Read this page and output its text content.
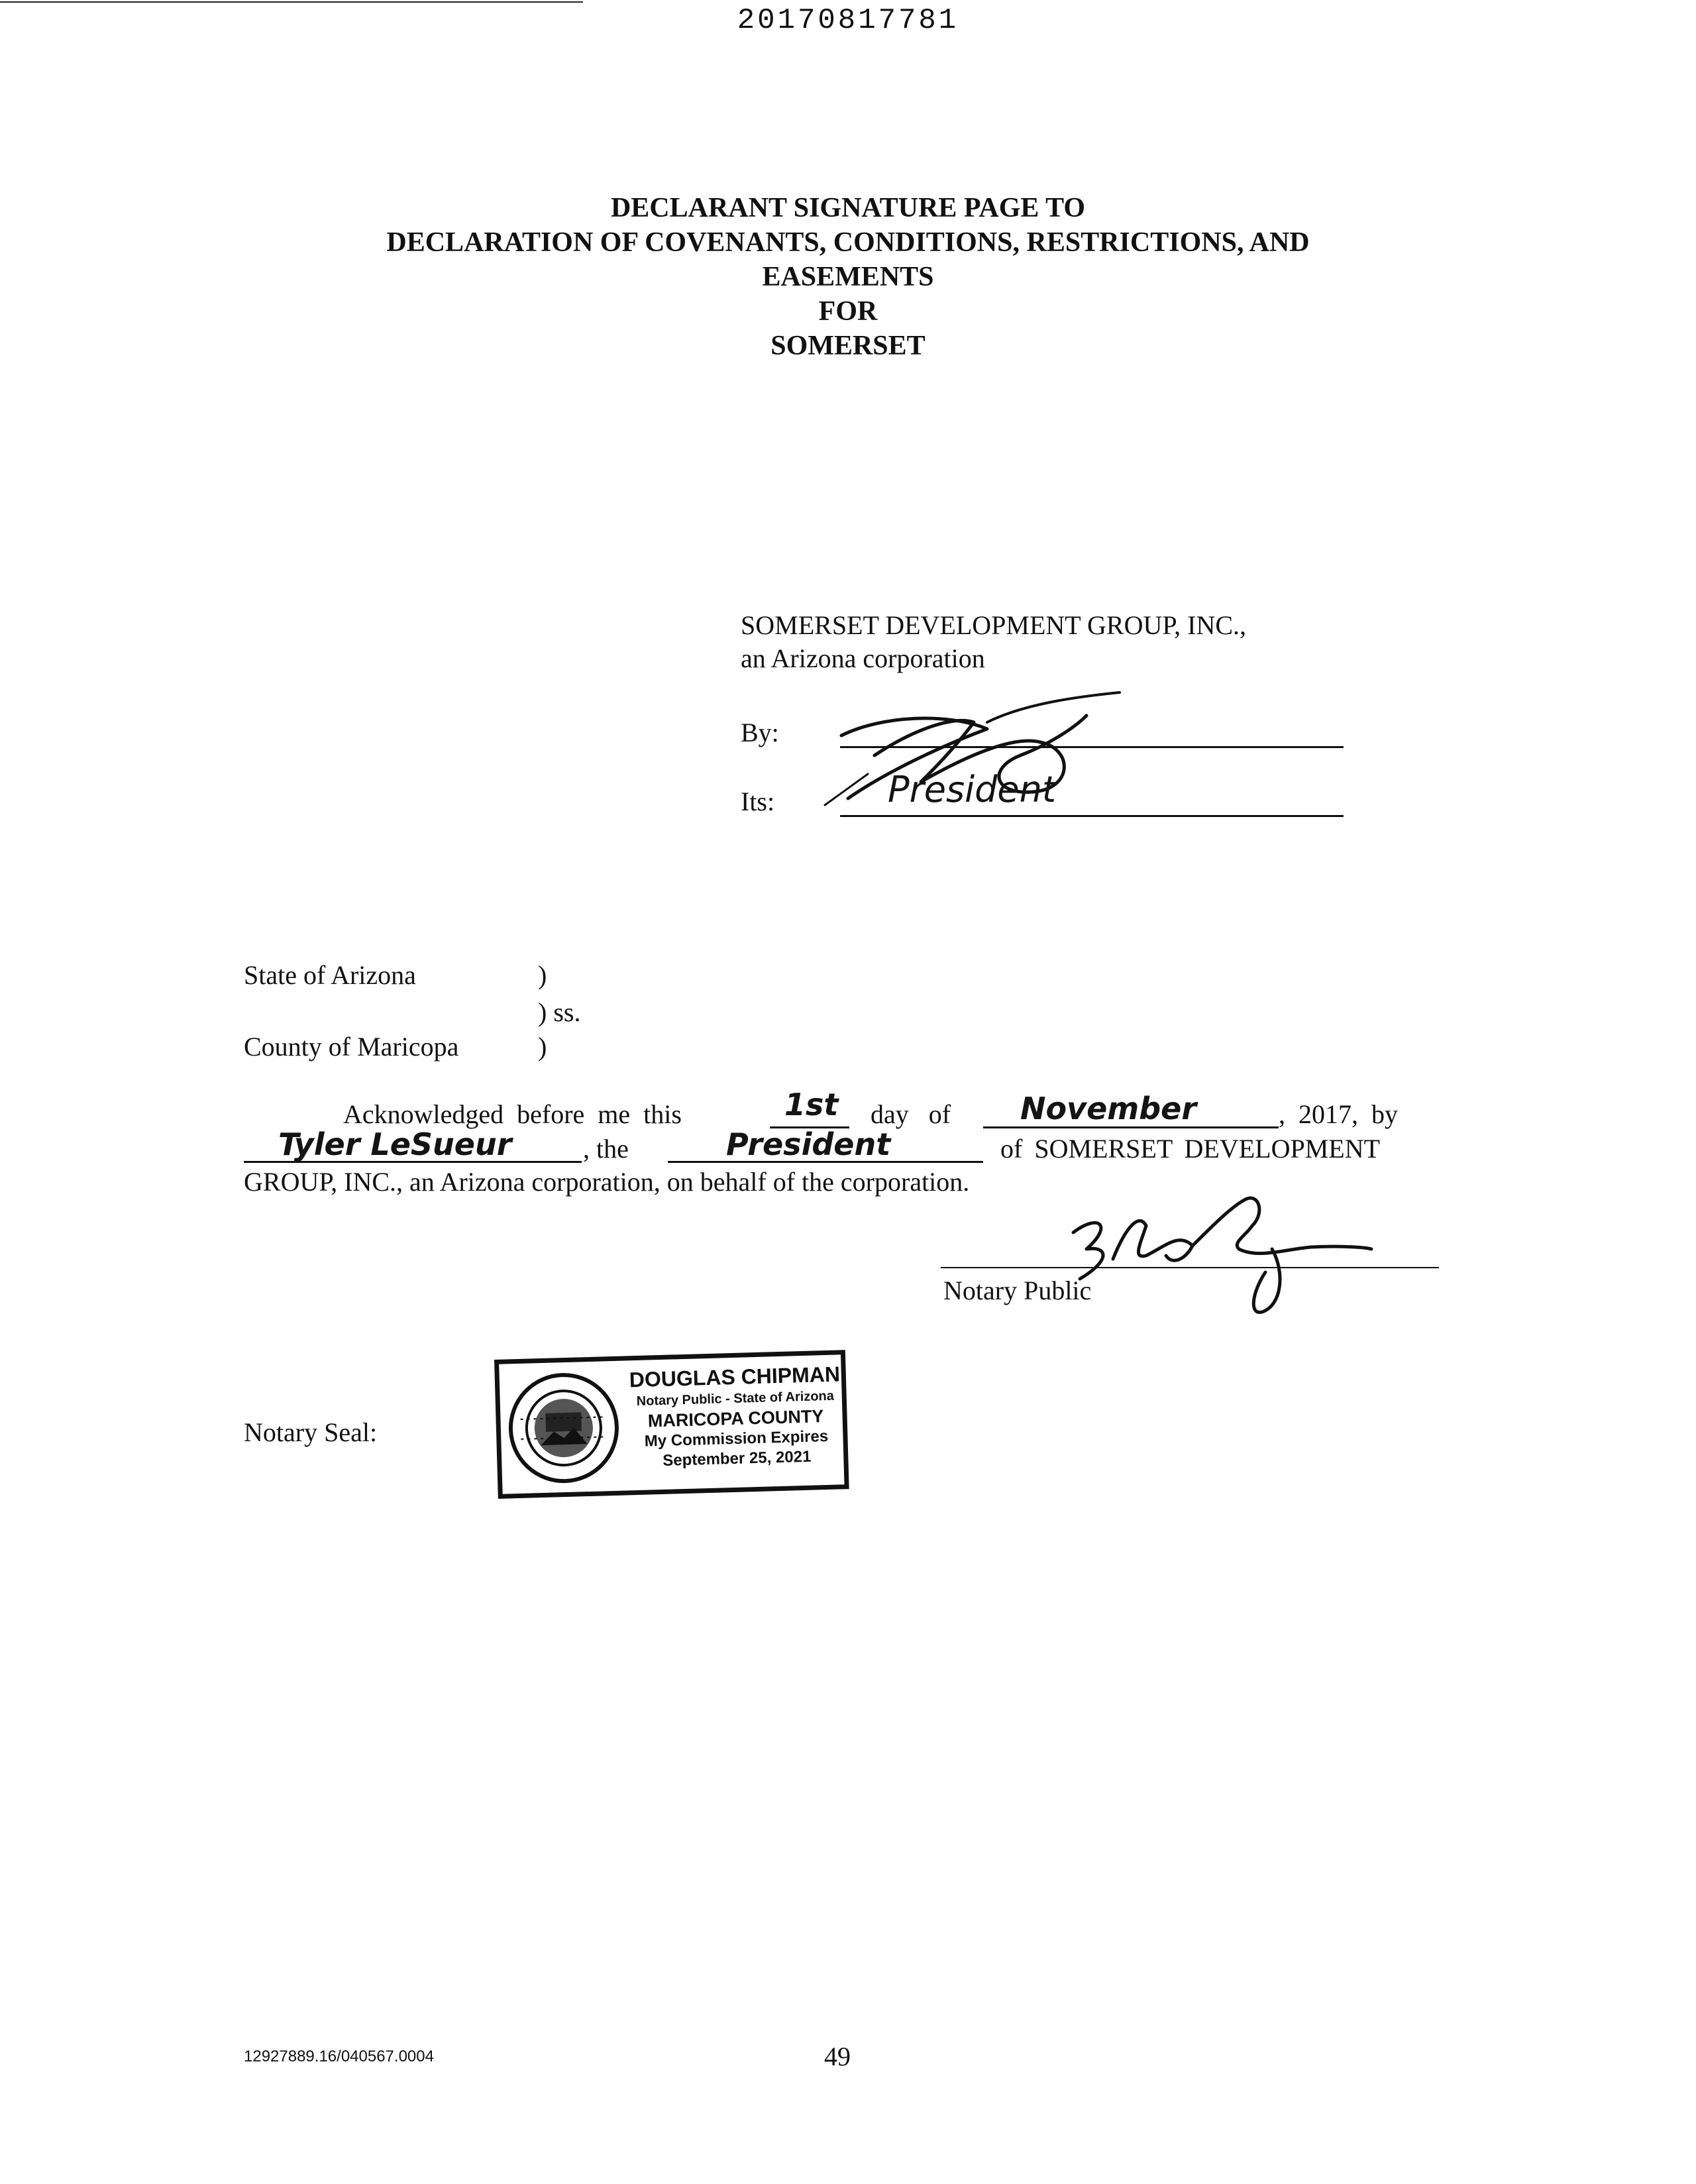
20170817781
DECLARANT SIGNATURE PAGE TO
DECLARATION OF COVENANTS, CONDITIONS, RESTRICTIONS, AND
EASEMENTS
FOR
SOMERSET
SOMERSET DEVELOPMENT GROUP, INC.,
an Arizona corporation
By:
Its:	President
State of Arizona	)
) ss.
County of Maricopa	)
Acknowledged before me this	1st day of November	, 2017, by
Tyler LeSueur	, the	President	of SOMERSET DEVELOPMENT
GROUP, INC., an Arizona corporation, on behalf of the corporation.
Notary Public
Notary Seal:
DOUGLAS CHIPMAN
Notary Public - State of Arizona
MARICOPA COUNTY
My Commission Expires
September 25, 2021
12927889.16/040567.0004	49
